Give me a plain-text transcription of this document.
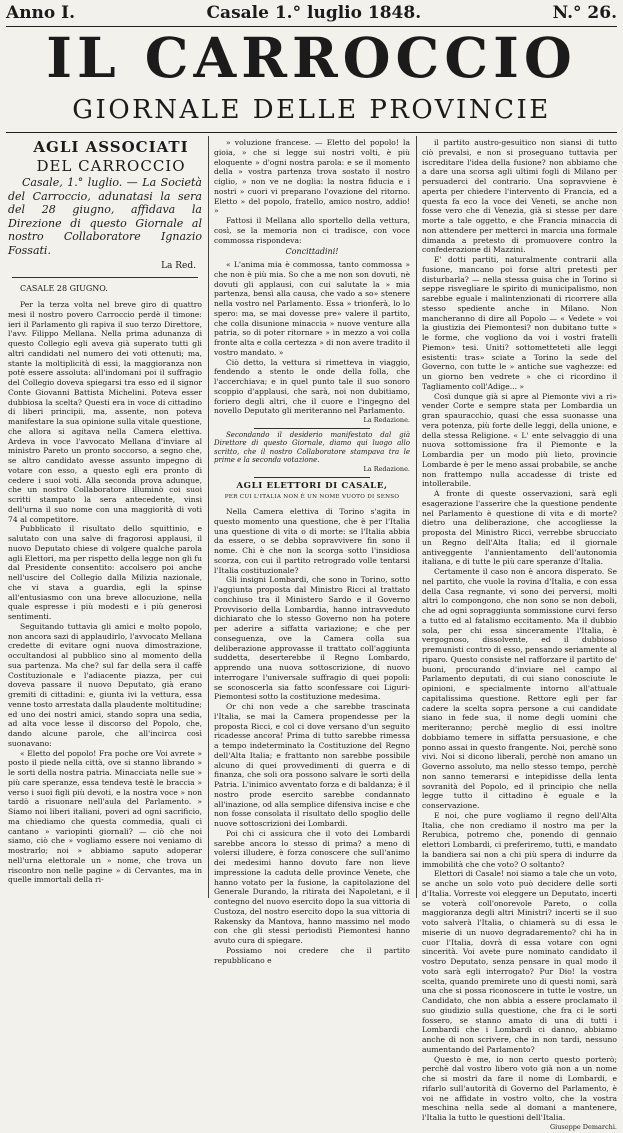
Anno I.	Casale 1.° luglio 1848.	N.° 26.
IL CARROCCIO
GIORNALE DELLE PROVINCIE

AGLI ASSOCIATI

DEL CARROCCIO

Casale, 1.° luglio. — La Società del Carroccio, adunatasi la sera del 28 giugno, affidava la Direzione di questo Giornale al nostro Collaboratore Ignazio Fossati.

La Red.

CASALE 28 GIUGNO.

Per la terza volta nel breve giro di quattro mesi il nostro povero Carroccio perdè il timone: ieri il Parlamento gli rapiva il suo terzo Direttore, l'avv. Filippo Mellana. Nella prima adunanza di questo Collegio egli aveva già superato tutti gli altri candidati nel numero dei voti ottenuti; ma, stante la moltiplicità di essi, la maggioranza non potè essere assoluta: all'indomani poi il suffragio del Collegio doveva spiegarsi tra esso ed il signor Conte Giovanni Battista Michelini. Poteva esser dubbiosa la scelta? Questi era in voce di cittadino di liberi principii, ma, assente, non poteva manifestare la sua opinione sulla vitale questione, che allora si agitava nella Camera elettiva. Ardeva in voce l'avvocato Mellana d'inviare al ministro Pareto un pronto soccorso, a segno che, se altro candidato avesse assunto impegno di votare con esso, a questo egli era pronto di cedere i suoi voti. Alla seconda prova adunque, che un nostro Collaboratore illuminò coi suoi scritti stampato la sera antecedente, vinsi dell'urna il suo nome con una maggiorità di voti 74 al competitore.

Pubblicato il risultato dello squittinio, e salutato con una salve di fragorosi applausi, il nuovo Deputato chiese di volgere qualche parola agli Elettori, ma per rispetto della legge non gli fu dal Presidente consentito: accolsero poi anche nell'uscire del Collegio dalla Milizia nazionale, che vi stava a guardia, egli la spinse all'entusiasmo con una breve allocuzione, nella quale espresse i più modesti e i più generosi sentimenti.

Seguitando tuttavia gli amici e molto popolo, non ancora sazi di applaudirlo, l'avvocato Mellana credette di evitare ogni nuova dimostrazione, occultandosi al pubblico sino al momento della sua partenza. Ma che? sul far della sera il caffè Costituzionale e l'adiacente piazza, per cui doveva passare il nuovo Deputato, già erano gremiti di cittadini: e, giunta ivi la vettura, essa venne tosto arrestata dalla plaudente moltitudine; ed uno dei nostri amici, stando sopra una sedia, ad alta voce lesse il discorso del Popolo, che, dando alcune parole, che all'incirca così suonavano:

« Eletto del popolo! Fra poche ore Voi avrete » posto il piede nella città, ove si stanno librando » le sorti della nostra patria. Minacciata nelle sue » più care speranze, essa tendeva testè le braccia » verso i suoi figli più devoti, e la nostra voce » non tardò a risuonare nell'aula del Parlamento. » Siamo noi liberi italiani, poveri ad ogni sacrificio, ma chiediamo che questa commedia, quali ci cantano » variopinti giornali? — ciò che noi siamo, ciò che » vogliamo essere noi veniamo di mostrarlo; noi » abbiamo saputo adoperar nell'urna elettorale un » nome, che trova un riscontro non nelle pagine » di Cervantes, ma in quelle immortali della ri-

» voluzione francese. — Eletto del popolo! la gioia, » che si legge sui nostri volti, è più eloquente » d'ogni nostra parola: e se il momento della » vostra partenza trova sostato il nostro ciglio, » non ve ne doglia: la nostra fiducia e i nostri » cuori vi preparano l'ovazione del ritorno. Eletto » del popolo, fratello, amico nostro, addio! »

Fattosi il Mellana allo sportello della vettura, così, se la memoria non ci tradisce, con voce commossa rispondeva:

Concittadini!

« L'anima mia è commossa, tanto commossa » che non è più mia. So che a me non son dovuti, nè dovuti gli applausi, con cui salutate la » mia partenza, bensì alla causa, che vado a so» stenere nella vostro nel Parlamento. Essa » trionferà, lo lo spero: ma, se mai dovesse pre» valere il partito, che colla disunione minaccia » nuove venture alla patria, so di poter ritornare » in mezzo a voi colla fronte alta e colla certezza » di non avere tradito il vostro mandato. »

Ciò detto, la vettura si rimetteva in viaggio, fendendo a stento le onde della folla, che l'accerchiava; e in quel punto tale il suo sonoro scoppio d'applausi, che sarà, noi non dubitiamo, foriero degli altri, che il cuore e l'ingegno del novello Deputato gli meriteranno nel Parlamento.

La Redazione.

Secondando il desiderio manifestato dal già Direttore di questo Giornale, diamo qui luogo allo scritto, che il nostro Collaboratore stampava tra le prime e la seconda votazione.

La Redazione.

AGLI ELETTORI DI CASALE,

PER CUI L'ITALIA NON È UN NOME VUOTO DI SENSO

Nella Camera elettiva di Torino s'agita in questo momento una questione, che è per l'Italia una questione di vita o di morte: se l'Italia abbia da essere, o se debba sopravvivere fin sono il nome. Chi è che non la scorga sotto l'insidiosa scorza, con cui il partito retrogrado volle tentarsi l'Italia costituzionale?

Gli insigni Lombardi, che sono in Torino, sotto l'aggiunta proposta dal Ministro Ricci al trattato conchiuso tra il Ministero Sardo e il Governo Provvisorio della Lombardia, hanno intravveduto dichiarato che lo stesso Governo non ha potere per aderire a siffatta variazione; e che per conseguenza, ove la Camera colla sua deliberazione approvasse il trattato coll'aggiunta suddetta, deserterebbe il Regno Lombardo, apprendo una nuova sottoscrizione, di nuovo interrogare l'universale suffragio di quei popoli: se sconoscerla sia fatto sconfessare coi Liguri-Piemontesi sotto la costituzione medesima.

Or chi non vede a che sarebbe trascinata l'Italia, se mai la Camera propendesse per la proposta Ricci, e col ci dove versano d'un seguito ricadesse ancora! Prima di tutto sarebbe rimessa a tempo indeterminato la Costituzione del Regno dell'Alta Italia; e frattanto non sarebbe possibile alcuno di quei provvedimenti di guerra e di finanza, che soli ora possono salvare le sorti della Patria. L'inimico avventato forza e di baldanza; è il nostro prode esercito sarebbe condannato all'inazione, od alla semplice difensiva incise e che non fosse consolata il risultato dello spoglio delle nuove sottoscrizioni dei Lombardi.

Poi chi ci assicura che il voto dei Lombardi sarebbe ancora lo stesso di prima? a meno di volersi illudere, è forza conoscere che sull'animo dei medesimi hanno dovuto fare non lieve impressione la caduta delle province Venete, che hanno votato per la fusione, la capitolazione del Generale Durando, la ritirata dei Napoletani, e il contegno del nuovo esercito dopo la sua vittoria di Custoza, del nostro esercito dopo la sua vittoria di Rakensky da Mantova, hanno massimo nel modo con che gli stessi periodisti Piemontesi hanno avuto cura di spiegare.

Possiamo noi credere che il partito repubblicano e

il partito austro-gesuitico non siansi di tutto ciò prevalsi, e non si proseguano tuttavia per iscreditare l'idea della fusione? non abbiamo che a dare una scorsa agli ultimi fogli di Milano per persuaderci del contrario. Una sopravviene è aperta per chiedere l'intervento di Francia, ed a questa fa eco la voce dei Veneti, se anche non fosse vero che di Venezia, già si stesse per dare morte a tale oggetto, e che Francia minaccia di non attendere per metterci in marcia una formale dimanda a pretesto di promuovere contro la confederazione di Mazzini.

E' dotti partiti, naturalmente contrarii alla fusione, mancano poi forse altri pretesti per disturbarla? — nella stessa guisa che in Torino si seppe risvegliare le spirito di municipalismo, non sarebbe eguale i malintenzionati di ricorrere alla stesso spediente anche in Milano. Non mancheranno di dire all Popolo — « Vedete » voi la giustizia dei Piemontesi? non dubitano tutte » le forme, che vogliono da voi i vostri fratelli Piemon» tesi. Uniti? sottometteteti alle leggi esistenti: tras» sciate a Torino la sede del Governo, con tutte le » antiche sue vaghezze: ed un giorno ben vedrete » che ci ricordino il Tagliamento coll'Adige... »

Così dunque già si apre al Piemonte vivi a ri» vender Corte e sempre stata per Lombardia un gran spauracchio, quasi che essa suonasse una vera potenza, più forte delle leggi, della unione, e della stessa Religione. « L' ente selvaggio di una nuova sottomissione fra il Piemonte e la Lombardia per un modo più lieto, provincie Lombarde è per le meno assai probabile, se anche non frattempo nulla accadesse di triste ed intollerabile.

A fronte di queste osservazioni, sarà egli esagerazione l'asserire che la questione pendente nel Parlamento è questione di vita e di morte? dietro una deliberazione, che accogliesse la proposta del Ministro Ricci, verrebbe sbrucciato un Regno dell'Alta Italia; ed il giornale antiveggente l'annientamento dell'autonomia italiana, e di tutte le più care speranze d'Italia.

Certamente il caso non è ancora disperato. Se nel partito, che vuole la rovina d'Italia, e con essa della Casa regnante, vi sono dei perversi, molti altri lo compongono, che non sono se non deboli, che ad ogni sopraggiunta sommissione curvi ferso a tutto ed al fatalismo eccitamento. Ma il dubbio sola, per chi essa sinceramente l'Italia, è vergognoso, dissolvente, ed il dubbioso premunisti contro di esso, pensando seriamente al riparo. Questo consiste nel rafforzare il partito de' buoni, procurando d'inviare nel campo al Parlamento deputati, di cui siano conosciute le opinioni, e specialmente intorno all'attuale capitalissima questione. Rettore egli per far cadere la scelta sopra persone a cui candidate siano in fede sua, il nome degli uomini che meriteranno; perchè meglio di essi inoltre dobbiamo temere in siffatta persuasione, e che ponno assai in questo frangente. Noi, perchè sono vivi. Noi si dicono liberali, perchè non amano un Governo assoluto, ma nello stesso tempo, perchè non sanno temerarsi e intepidisse della lenta sovranità del Popolo, ed il principio che nella legge tutto il cittadino è eguale e la conservazione.

E noi, che pure vogliamo il regno dell'Alta Italia, che non crediamo il nostro ma per la Rerubica, potremo che, ponendo di gennaio elettori Lombardi, ci preferiremo, tutti, e mandato la bandiera sai non a chi più spera di indurre da immobilità che che voto? O soltanto?

Elettori di Casale! noi siamo a tale che un voto, se anche un solo voto può decidere delle sorti d'Italia. Vorreste voi eleggere un Deputato, incerti se voterà coll'onorevole Pareto, o colla maggioranza degli altri Ministri? incerti se il suo voto salverà l'Italia, o chiamerà su di essa le miserie di un nuovo degradaremento? chi ha in cuor l'Italia, dovrà di essa votare con ogni sincerità. Voi avete pure nominato candidato il vostro Deputato, senza pensare in qual modo il voto sarà egli interrogato? Pur Dio! la vostra scelta, quando premirete uno di questi nomi, sarà una che si possa riconoscere in tutte le vostre, un Candidato, che non abbia a essere proclamato il suo giudizio sulla questione, che fra ci le sorti fossero, se stanno amato di una di tutti i Lombardi che i Lombardi ci danno, abbiamo anche di non scrivere, che in non tardi, nessuno aumentando del Parlamento?

Questo è me, io non certo questo porterò; perchè dal vostro libero voto già non a un nome che si mostri da fare il nome di Lombardi, e rifarlo sull'autorità di Governo del Parlamento, è voi ne affidate in vostro volto, che la vostra meschina nella sede al domani a mantenere, l'Italia la tutto le questioni dell'Italia.

Giuseppe Demarchi.
